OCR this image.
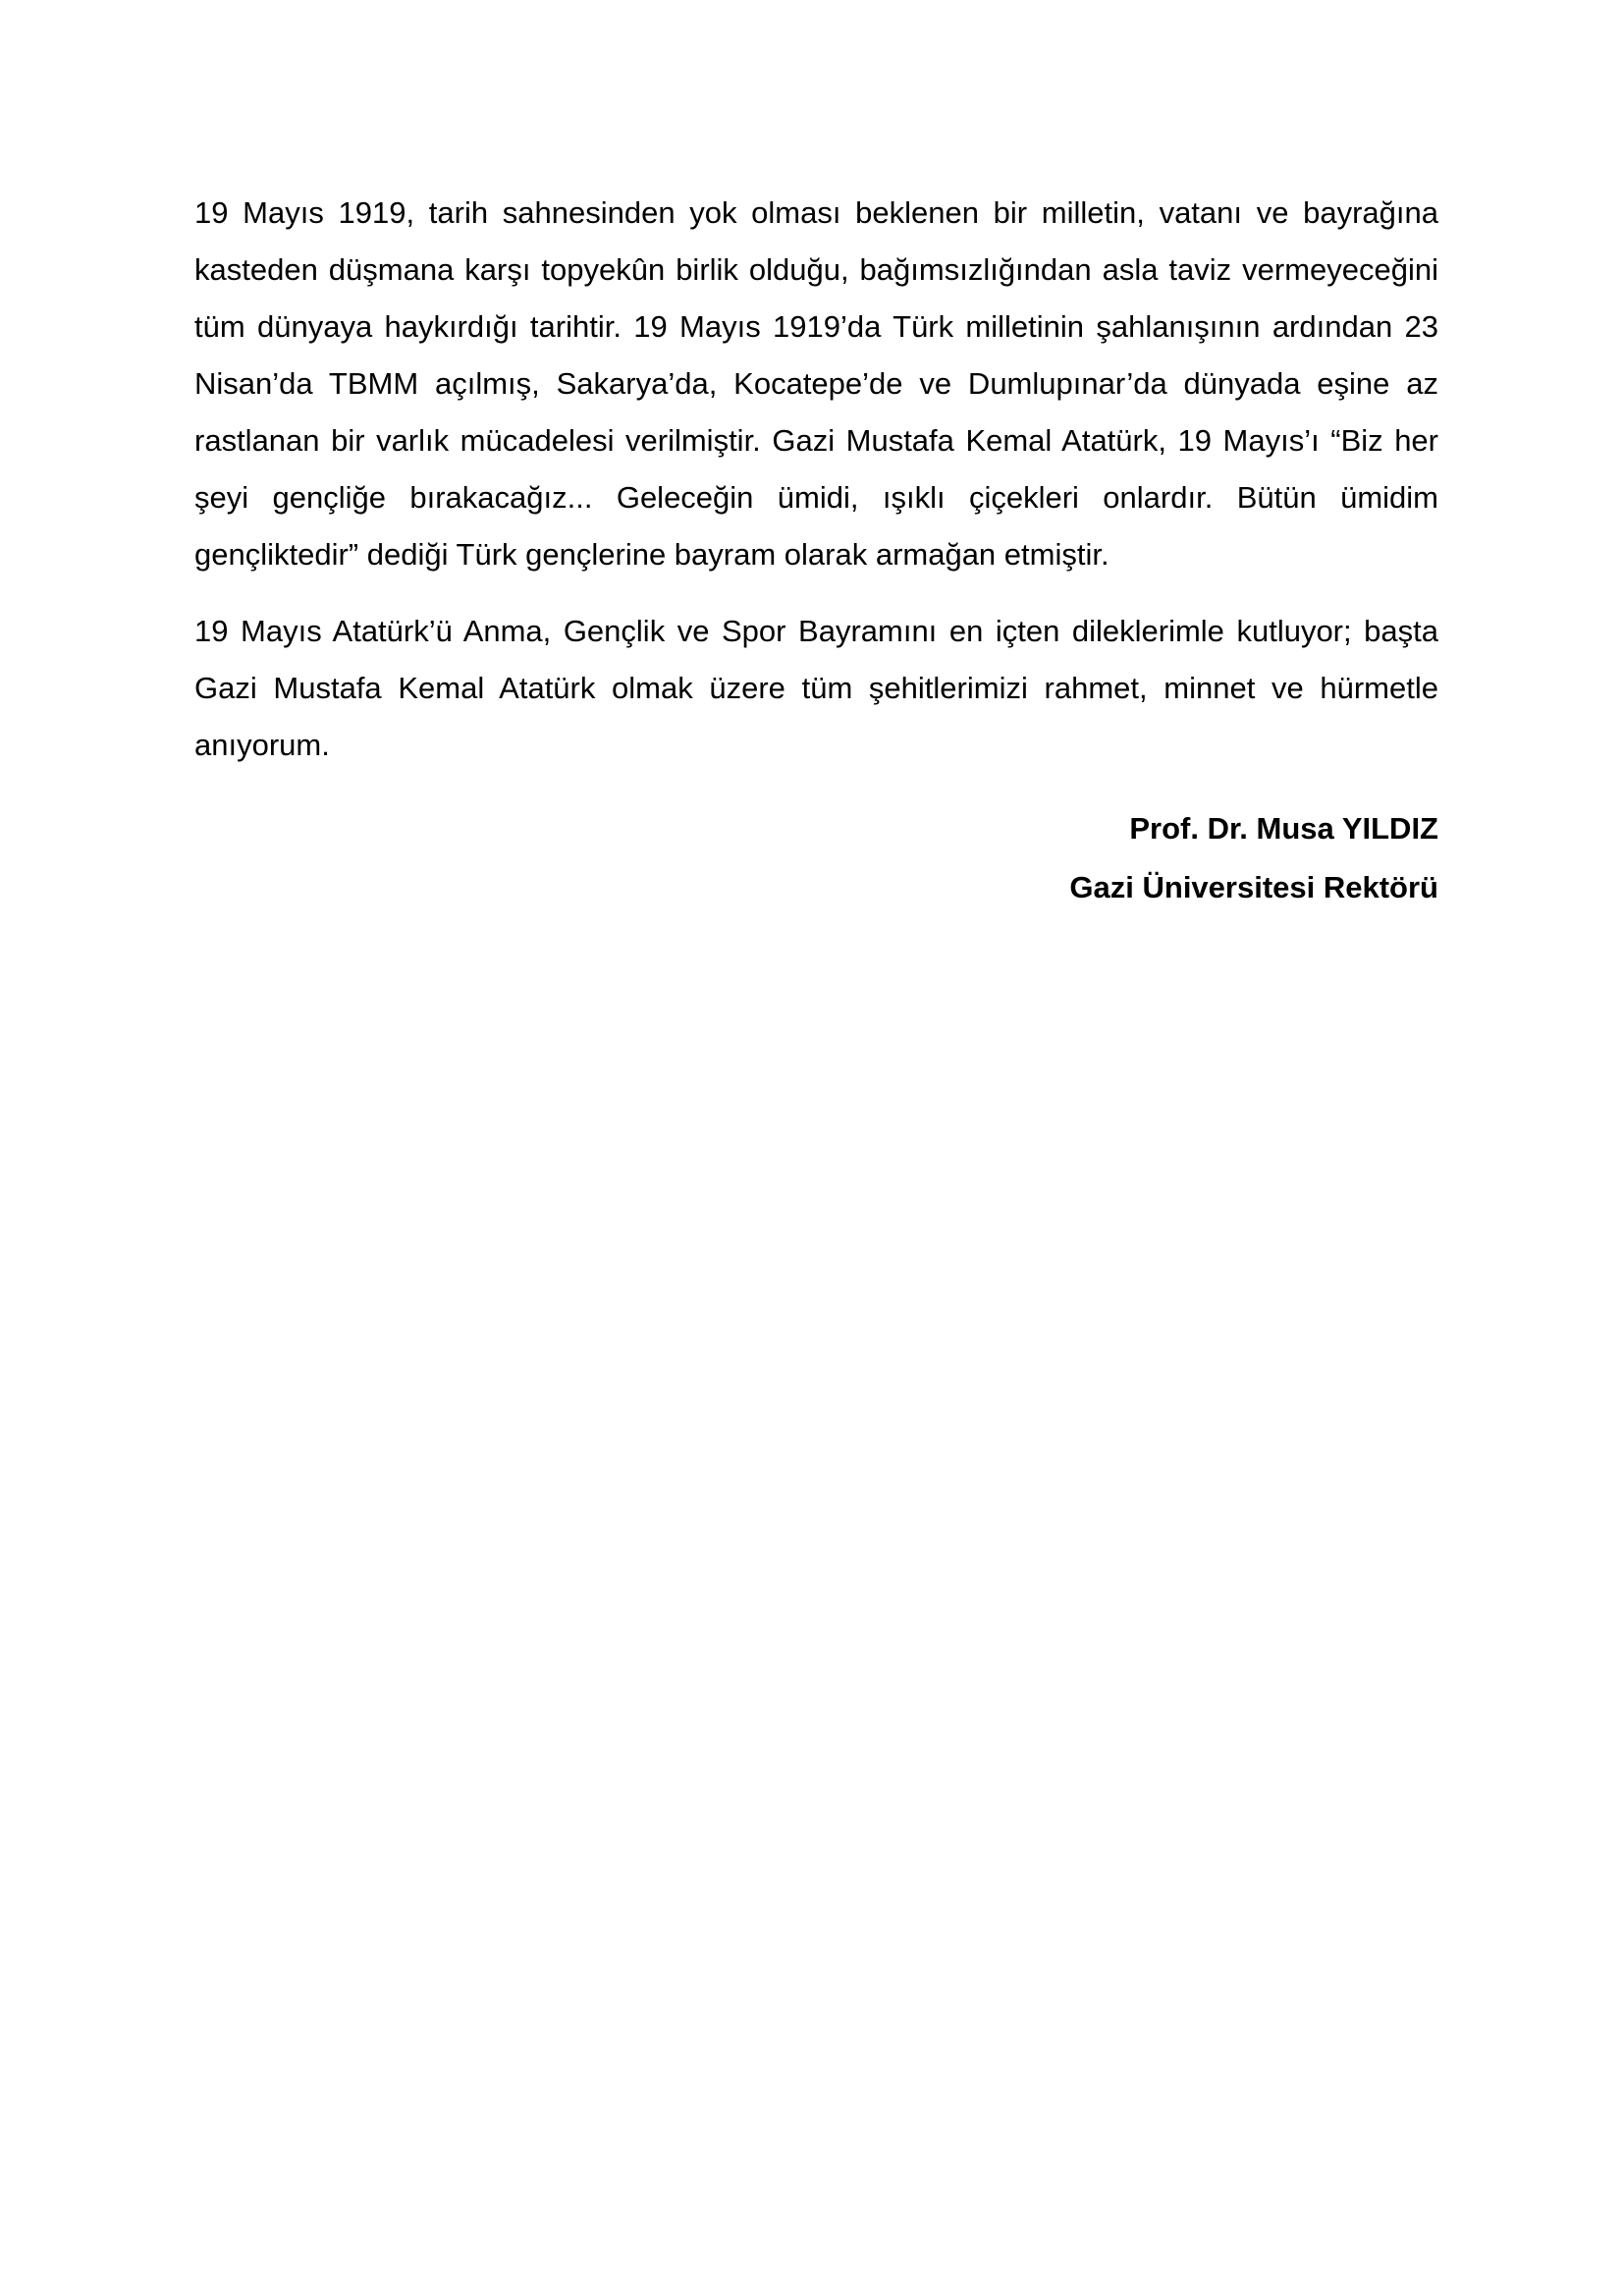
19 Mayıs 1919, tarih sahnesinden yok olması beklenen bir milletin, vatanı ve bayrağına kasteden düşmana karşı topyekûn birlik olduğu, bağımsızlığından asla taviz vermeyeceğini tüm dünyaya haykırdığı tarihtir. 19 Mayıs 1919’da Türk milletinin şahlanışının ardından 23 Nisan’da TBMM açılmış, Sakarya’da, Kocatepe’de ve Dumlupınar’da dünyada eşine az rastlanan bir varlık mücadelesi verilmiştir. Gazi Mustafa Kemal Atatürk, 19 Mayıs’ı “Biz her şeyi gençliğe bırakacağız... Geleceğin ümidi, ışıklı çiçekleri onlardır. Bütün ümidim gençliktedir” dediği Türk gençlerine bayram olarak armağan etmiştir.

19 Mayıs Atatürk’ü Anma, Gençlik ve Spor Bayramını en içten dileklerimle kutluyor; başta Gazi Mustafa Kemal Atatürk olmak üzere tüm şehitlerimizi rahmet, minnet ve hürmetle anıyorum.

Prof. Dr. Musa YILDIZ
Gazi Üniversitesi Rektörü
